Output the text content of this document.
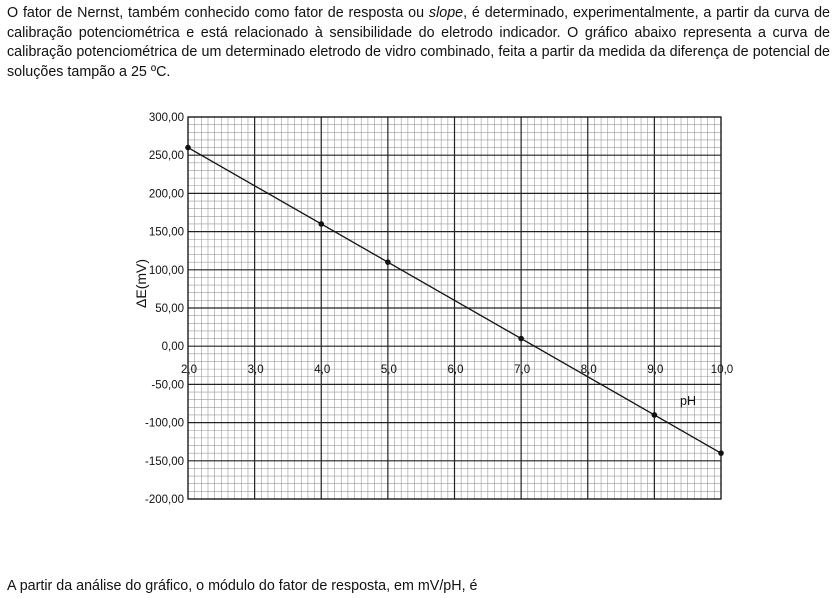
O fator de Nernst, também conhecido como fator de resposta ou slope, é determinado, experimentalmente, a partir da curva de calibração potenciométrica e está relacionado à sensibilidade do eletrodo indicador. O gráfico abaixo representa a curva de calibração potenciométrica de um determinado eletrodo de vidro combinado, feita a partir da medida da diferença de potencial de soluções tampão a 25 ºC.
300,00
250,00
200,00
150,00
100,00
50,00
0,00
-50,00
-100,00
-150,00
-200,00
2,0	3,0	4,0	5,0	6,0	7,0	8,0	9,0	10,0
pH
ΔE(mV)
A partir da análise do gráfico, o módulo do fator de resposta, em mV/pH, é
